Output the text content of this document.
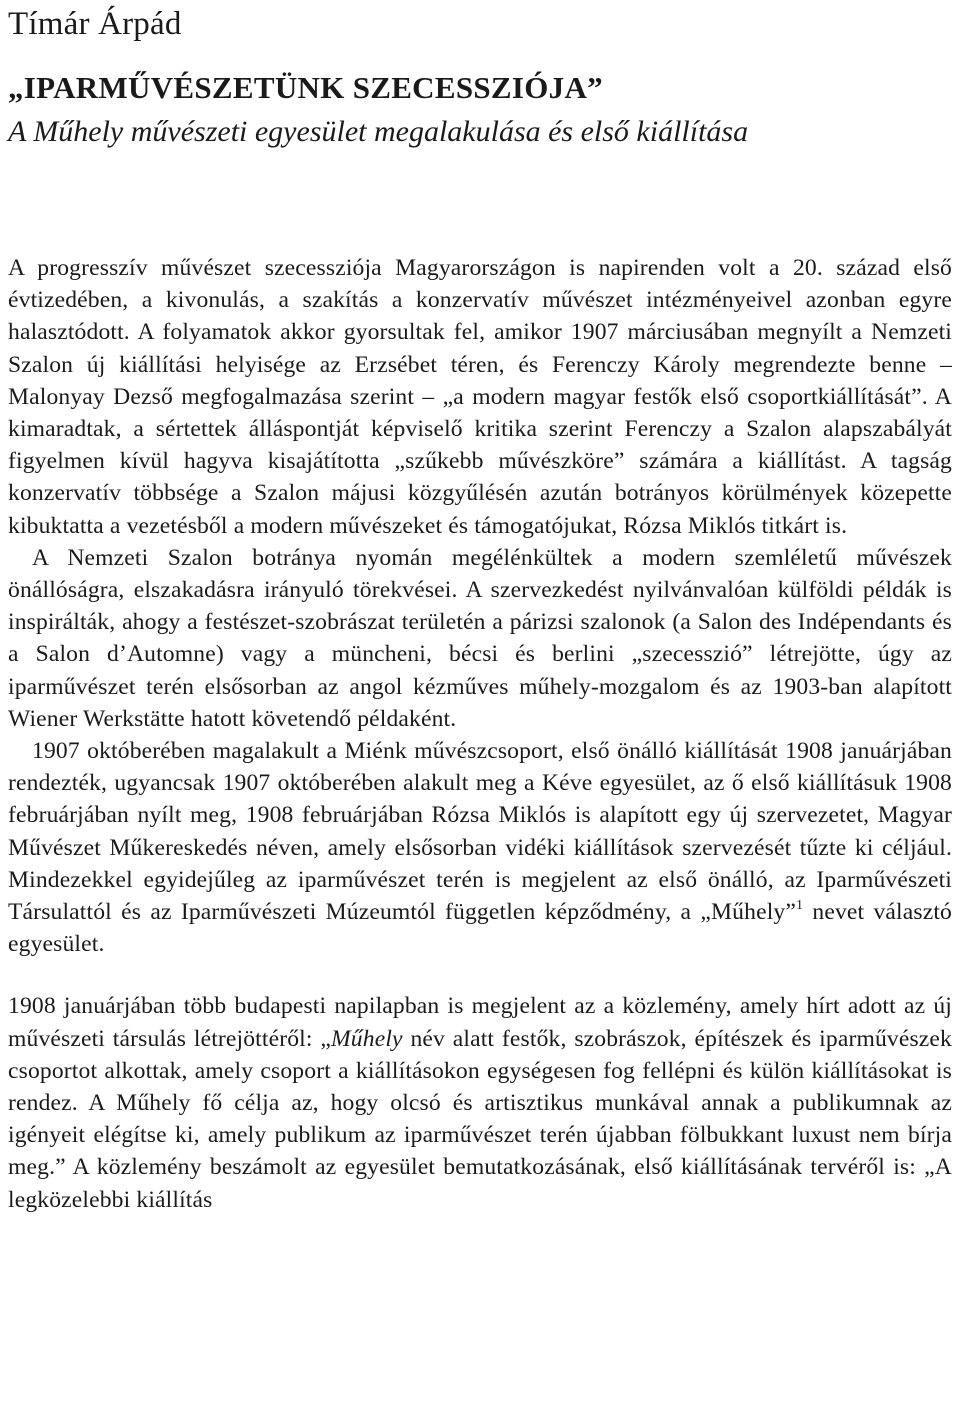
Tímár Árpád
„IPARMŰVÉSZETÜNK SZECESSZIÓJA”
A Műhely művészeti egyesület megalakulása és első kiállítása

A progresszív művészet szecessziója Magyarországon is napirenden volt a 20. század első évtizedében, a kivonulás, a szakítás a konzervatív művészet intézményeivel azonban egyre halasztódott. A folyamatok akkor gyorsultak fel, amikor 1907 márciusában megnyílt a Nemzeti Szalon új kiállítási helyisége az Erzsébet téren, és Ferenczy Károly megrendezte benne – Malonyay Dezső megfogalmazása szerint – „a modern magyar festők első csoportkiállítását”. A kimaradtak, a sértettek álláspontját képviselő kritika szerint Ferenczy a Szalon alapszabályát figyelmen kívül hagyva kisajátította „szűkebb művészköre” számára a kiállítást. A tagság konzervatív többsége a Szalon májusi közgyűlésén azután botrányos körülmények közepette kibuktatta a vezetésből a modern művészeket és támogatójukat, Rózsa Miklós titkárt is.

A Nemzeti Szalon botránya nyomán megélénkültek a modern szemléletű művészek önállóságra, elszakadásra irányuló törekvései. A szervezkedést nyilvánvalóan külföldi példák is inspirálták, ahogy a festészet-szobrászat területén a párizsi szalonok (a Salon des Indépendants és a Salon d’Automne) vagy a müncheni, bécsi és berlini „szecesszió” létrejötte, úgy az iparművészet terén elsősorban az angol kézműves műhely-mozgalom és az 1903-ban alapított Wiener Werkstätte hatott követendő példaként.

1907 októberében magalakult a Miénk művészcsoport, első önálló kiállítását 1908 januárjában rendezték, ugyancsak 1907 októberében alakult meg a Kéve egyesület, az ő első kiállításuk 1908 februárjában nyílt meg, 1908 februárjában Rózsa Miklós is alapított egy új szervezetet, Magyar Művészet Műkereskedés néven, amely elsősorban vidéki kiállítások szervezését tűzte ki céljául. Mindezekkel egyidejűleg az iparművészet terén is megjelent az első önálló, az Iparművészeti Társulattól és az Iparművészeti Múzeumtól független képződmény, a „Műhely”$^1$ nevet választó egyesület.

1908 januárjában több budapesti napilapban is megjelent az a közlemény, amely hírt adott az új művészeti társulás létrejöttéről: „Műhely név alatt festők, szobrászok, építészek és iparművészek csoportot alkottak, amely csoport a kiállításokon egységesen fog fellépni és külön kiállításokat is rendez. A Műhely fő célja az, hogy olcsó és artisztikus munkával annak a publikumnak az igényeit elégítse ki, amely publikum az iparművészet terén újabban fölbukkant luxust nem bírja meg.” A közlemény beszámolt az egyesület bemutatkozásának, első kiállításának tervéről is: „A legközelebbi kiállítás
